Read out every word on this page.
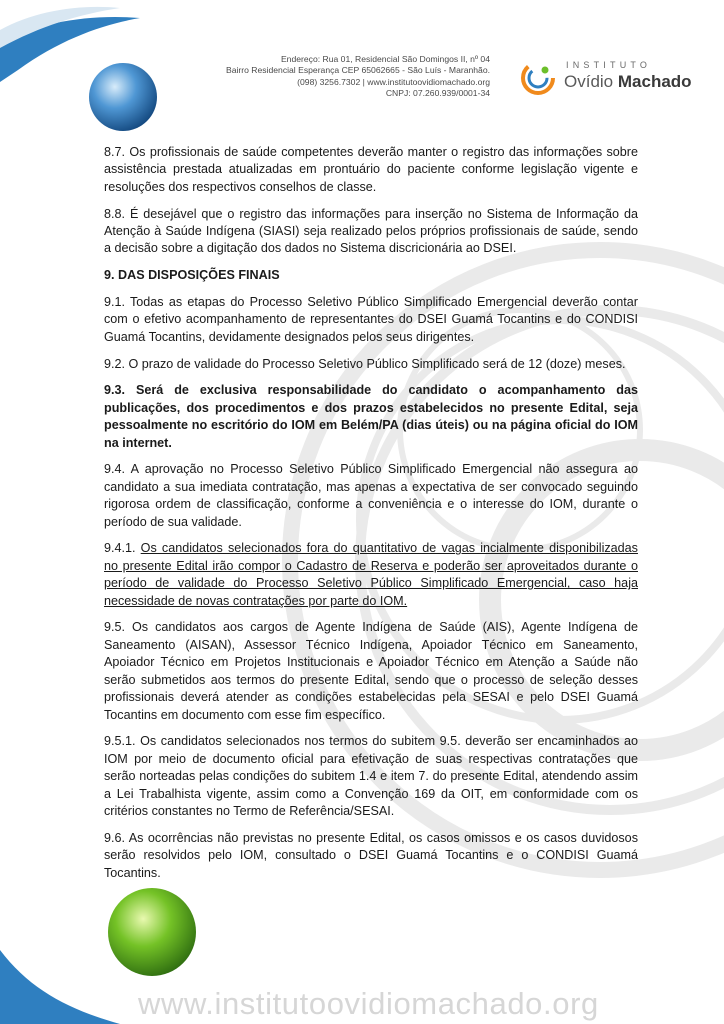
Endereço: Rua 01, Residencial São Domingos II, nº 04
Bairro Residencial Esperança CEP 65062665 - São Luís - Maranhão.
(098) 3256.7302 | www.institutoovidiomachado.org
CNPJ: 07.260.939/0001-34
INSTITUTO
Ovídio Machado

8.7. Os profissionais de saúde competentes deverão manter o registro das informações sobre assistência prestada atualizadas em prontuário do paciente conforme legislação vigente e resoluções dos respectivos conselhos de classe.

8.8. É desejável que o registro das informações para inserção no Sistema de Informação da Atenção à Saúde Indígena (SIASI) seja realizado pelos próprios profissionais de saúde, sendo a decisão sobre a digitação dos dados no Sistema discricionária ao DSEI.

9. DAS DISPOSIÇÕES FINAIS

9.1. Todas as etapas do Processo Seletivo Público Simplificado Emergencial deverão contar com o efetivo acompanhamento de representantes do DSEI Guamá Tocantins e do CONDISI Guamá Tocantins, devidamente designados pelos seus dirigentes.

9.2. O prazo de validade do Processo Seletivo Público Simplificado será de 12 (doze) meses.

9.3. Será de exclusiva responsabilidade do candidato o acompanhamento das publicações, dos procedimentos e dos prazos estabelecidos no presente Edital, seja pessoalmente no escritório do IOM em Belém/PA (dias úteis) ou na página oficial do IOM na internet.

9.4. A aprovação no Processo Seletivo Público Simplificado Emergencial não assegura ao candidato a sua imediata contratação, mas apenas a expectativa de ser convocado seguindo rigorosa ordem de classificação, conforme a conveniência e o interesse do IOM, durante o período de sua validade.

9.4.1. Os candidatos selecionados fora do quantitativo de vagas incialmente disponibilizadas no presente Edital irão compor o Cadastro de Reserva e poderão ser aproveitados durante o período de validade do Processo Seletivo Público Simplificado Emergencial, caso haja necessidade de novas contratações por parte do IOM.

9.5. Os candidatos aos cargos de Agente Indígena de Saúde (AIS), Agente Indígena de Saneamento (AISAN), Assessor Técnico Indígena, Apoiador Técnico em Saneamento, Apoiador Técnico em Projetos Institucionais e Apoiador Técnico em Atenção a Saúde não serão submetidos aos termos do presente Edital, sendo que o processo de seleção desses profissionais deverá atender as condições estabelecidas pela SESAI e pelo DSEI Guamá Tocantins em documento com esse fim específico.

9.5.1. Os candidatos selecionados nos termos do subitem 9.5. deverão ser encaminhados ao IOM por meio de documento oficial para efetivação de suas respectivas contratações que serão norteadas pelas condições do subitem 1.4 e item 7. do presente Edital, atendendo assim a Lei Trabalhista vigente, assim como a Convenção 169 da OIT, em conformidade com os critérios constantes no Termo de Referência/SESAI.

9.6. As ocorrências não previstas no presente Edital, os casos omissos e os casos duvidosos serão resolvidos pelo IOM, consultado o DSEI Guamá Tocantins e o CONDISI Guamá Tocantins.

www.institutoovidiomachado.org
